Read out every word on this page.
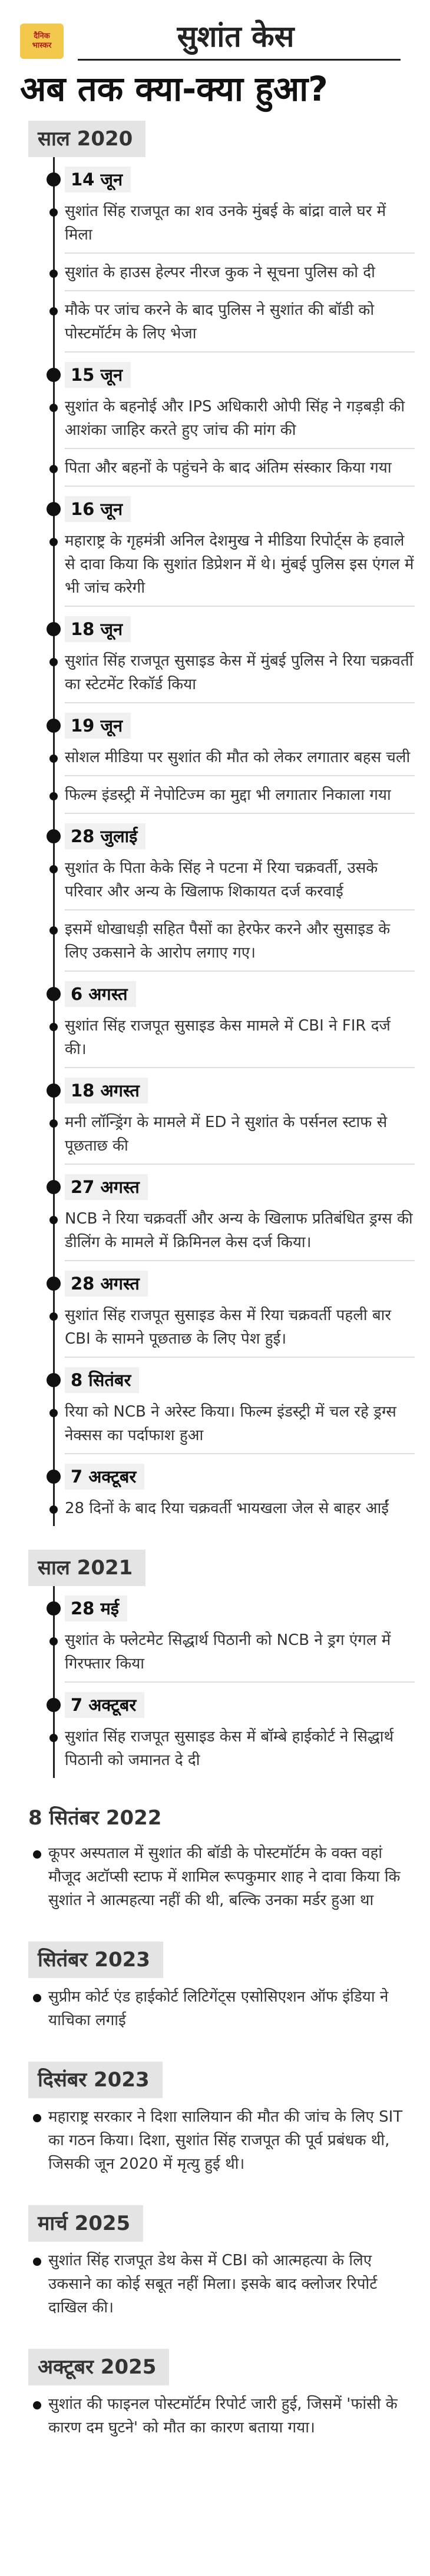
दैनिक
भास्कर	सुशांत केस
अब तक क्या-क्या हुआ?
साल 2020
14 जून
सुशांत सिंह राजपूत का शव उनके मुंबई के बांद्रा वाले घर में मिला
सुशांत के हाउस हेल्पर नीरज कुक ने सूचना पुलिस को दी
मौके पर जांच करने के बाद पुलिस ने सुशांत की बॉडी को पोस्टमॉर्टम के लिए भेजा
15 जून
सुशांत के बहनोई और IPS अधिकारी ओपी सिंह ने गड़बड़ी की आशंका जाहिर करते हुए जांच की मांग की
पिता और बहनों के पहुंचने के बाद अंतिम संस्कार किया गया
16 जून
महाराष्ट्र के गृहमंत्री अनिल देशमुख ने मीडिया रिपोर्ट्स के हवाले से दावा किया कि सुशांत डिप्रेशन में थे। मुंबई पुलिस इस एंगल में भी जांच करेगी
18 जून
सुशांत सिंह राजपूत सुसाइड केस में मुंबई पुलिस ने रिया चक्रवर्ती का स्टेटमेंट रिकॉर्ड किया
19 जून
सोशल मीडिया पर सुशांत की मौत को लेकर लगातार बहस चली
फिल्म इंडस्ट्री में नेपोटिज्म का मुद्दा भी लगातार निकाला गया
28 जुलाई
सुशांत के पिता केके सिंह ने पटना में रिया चक्रवर्ती, उसके परिवार और अन्य के खिलाफ शिकायत दर्ज करवाई
इसमें धोखाधड़ी सहित पैसों का हेरफेर करने और सुसाइड के लिए उकसाने के आरोप लगाए गए।
6 अगस्त
सुशांत सिंह राजपूत सुसाइड केस मामले में CBI ने FIR दर्ज की।
18 अगस्त
मनी लॉन्ड्रिंग के मामले में ED ने सुशांत के पर्सनल स्टाफ से पूछताछ की
27 अगस्त
NCB ने रिया चक्रवर्ती और अन्य के खिलाफ प्रतिबंधित ड्रग्स की डीलिंग के मामले में क्रिमिनल केस दर्ज किया।
28 अगस्त
सुशांत सिंह राजपूत सुसाइड केस में रिया चक्रवर्ती पहली बार CBI के सामने पूछताछ के लिए पेश हुई।
8 सितंबर
रिया को NCB ने अरेस्ट किया। फिल्म इंडस्ट्री में चल रहे ड्रग्स नेक्सस का पर्दाफाश हुआ
7 अक्टूबर
28 दिनों के बाद रिया चक्रवर्ती भायखला जेल से बाहर आईं
साल 2021
28 मई
सुशांत के फ्लेटमेट सिद्धार्थ पिठानी को NCB ने ड्रग एंगल में गिरफ्तार किया
7 अक्टूबर
सुशांत सिंह राजपूत सुसाइड केस में बॉम्बे हाईकोर्ट ने सिद्धार्थ पिठानी को जमानत दे दी
8 सितंबर 2022
कूपर अस्पताल में सुशांत की बॉडी के पोस्टमॉर्टम के वक्त वहां मौजूद अटॉप्सी स्टाफ में शामिल रूपकुमार शाह ने दावा किया कि सुशांत ने आत्महत्या नहीं की थी, बल्कि उनका मर्डर हुआ था
सितंबर 2023
सुप्रीम कोर्ट एंड हाईकोर्ट लिटिगेंट्स एसोसिएशन ऑफ इंडिया ने याचिका लगाई
दिसंबर 2023
महाराष्ट्र सरकार ने दिशा सालियान की मौत की जांच के लिए SIT का गठन किया। दिशा, सुशांत सिंह राजपूत की पूर्व प्रबंधक थी, जिसकी जून 2020 में मृत्यु हुई थी।
मार्च 2025
सुशांत सिंह राजपूत डेथ केस में CBI को आत्महत्या के लिए उकसाने का कोई सबूत नहीं मिला। इसके बाद क्लोजर रिपोर्ट दाखिल की।
अक्टूबर 2025
सुशांत की फाइनल पोस्टमॉर्टम रिपोर्ट जारी हुई, जिसमें 'फांसी के कारण दम घुटने' को मौत का कारण बताया गया।
